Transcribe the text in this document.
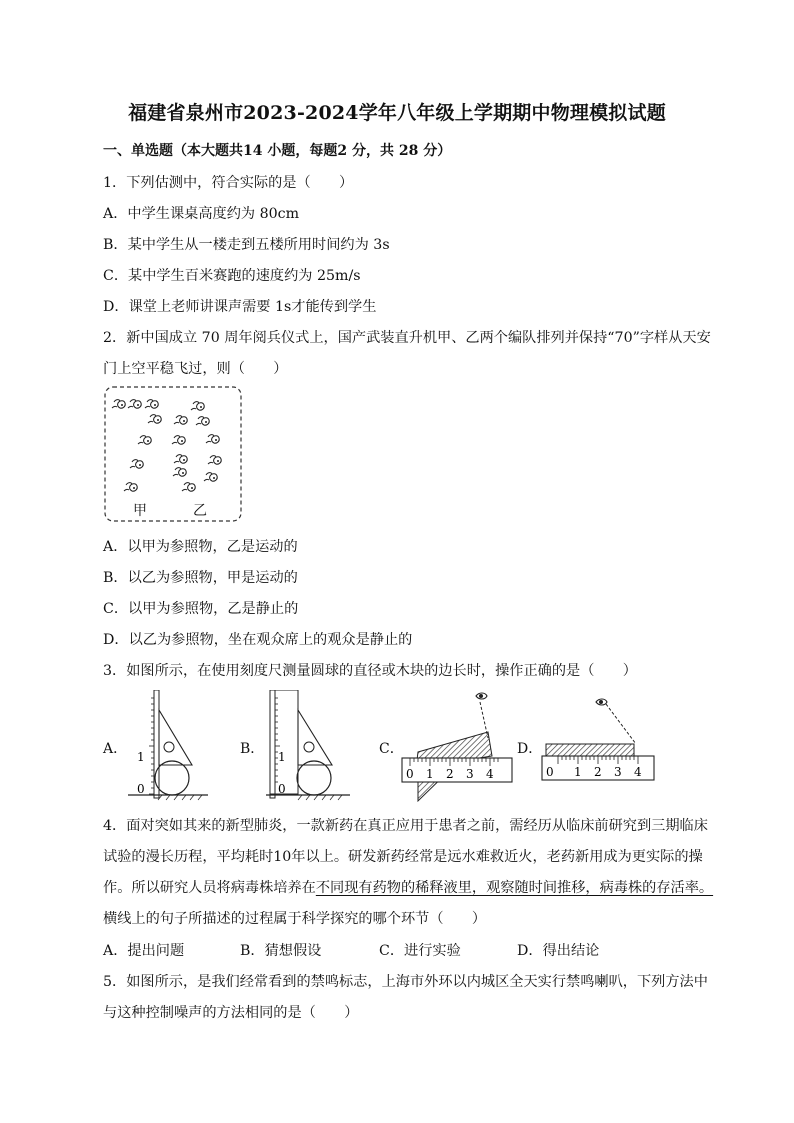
福建省泉州市2023-2024学年八年级上学期期中物理模拟试题
一、单选题（本大题共14 小题，每题2 分，共 28 分）
1．下列估测中，符合实际的是（　　）
A．中学生课桌高度约为 80cm
B．某中学生从一楼走到五楼所用时间约为 3s
C．某中学生百米赛跑的速度约为 25m/s
D．课堂上老师讲课声需要 1s才能传到学生
2．新中国成立 70 周年阅兵仪式上，国产武装直升机甲、乙两个编队排列并保持“70”字样从天安
门上空平稳飞过，则（　　）
甲	乙
A．以甲为参照物，乙是运动的
B．以乙为参照物，甲是运动的
C．以甲为参照物，乙是静止的
D．以乙为参照物，坐在观众席上的观众是静止的
3．如图所示，在使用刻度尺测量圆球的直径或木块的边长时，操作正确的是（　　）
A．	B．	C．	D．
1
0
1
0
0 1 2 3 4	0 1 2 3 4
4．面对突如其来的新型肺炎，一款新药在真正应用于患者之前，需经历从临床前研究到三期临床
试验的漫长历程，平均耗时10年以上。研发新药经常是远水难救近火，老药新用成为更实际的操
作。所以研究人员将病毒株培养在不同现有药物的稀释液里，观察随时间推移，病毒株的存活率。
横线上的句子所描述的过程属于科学探究的哪个环节（　　）
A．提出问题	B．猜想假设	C．进行实验	D．得出结论
5．如图所示，是我们经常看到的禁鸣标志，上海市外环以内城区全天实行禁鸣喇叭，下列方法中
与这种控制噪声的方法相同的是（　　）
